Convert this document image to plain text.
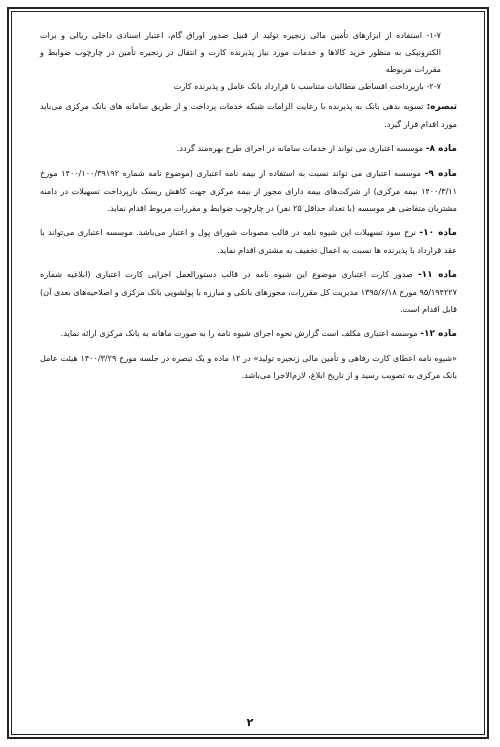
۱-۷- استفاده از ابزارهای تأمین مالی زنجیره تولید از قبیل صدور اوراق گام، اعتبار اسنادی داخلی ریالی و برات الکترونیکی به منظور خرید کالاها و خدمات مورد نیاز پذیرنده کارت و انتقال در زنجیره تأمین در چارچوب ضوابط و مقررات مربوطه

۲-۷- بازپرداخت اقساطی مطالبات متناسب با قرارداد بانک عامل و پذیرنده کارت

تبصره: تسویه بدهی بانک به پذیرنده با رعایت الزامات شبکه خدمات پرداخت و از طریق سامانه های بانک مرکزی می‌باید مورد اقدام قرار گیرد.

ماده ۸- موسسه اعتباری می تواند از خدمات سامانه در اجرای طرح بهره‌مند گردد.

ماده ۹- موسسه اعتباری می تواند نسبت به استفاده از بیمه نامه اعتباری (موضوع نامه شماره ۱۴۰۰/۱۰۰/۳۹۱۹۲ مورخ ۱۴۰۰/۳/۱۱ بیمه مرکزی) از شرکت‌های بیمه دارای مجوز از بیمه مرکزی جهت کاهش ریسک بازپرداخت تسهیلات در دامنه مشتریان متقاضی هر موسسه (با تعداد حداقل ۲۵ نفر) در چارچوب ضوابط و مقررات مربوط اقدام نماید.

ماده ۱۰- نرخ سود تسهیلات این شیوه نامه در قالب مصوبات شورای پول و اعتبار می‌باشد. موسسه اعتباری می‌تواند با عقد قرارداد با پذیرنده ها نسبت به اعمال تخفیف به مشتری اقدام نماید.

ماده ۱۱- صدور کارت اعتباری موضوع این شیوه نامه در قالب دستورالعمل اجرایی کارت اعتباری (ابلاغیه شماره ۹۵/۱۹۴۲۲۷ مورخ ۱۳۹۵/۶/۱۸ مدیریت کل مقررات، مجوزهای بانکی و مبارزه با پولشویی بانک مرکزی و اصلاحیه‌های بعدی آن) قابل اقدام است.

ماده ۱۲- موسسه اعتباری مکلف است گزارش نحوه اجرای شیوه نامه را به صورت ماهانه به بانک مرکزی ارائه نماید.

«شیوه نامه اعطای کارت رفاهی و تأمین مالی زنجیره تولید» در ۱۲ ماده و یک تبصره در جلسه مورخ ۱۴۰۰/۳/۲۹ هیئت عامل بانک مرکزی به تصویب رسید و از تاریخ ابلاغ، لازم‌الاجرا می‌باشد.

۲
